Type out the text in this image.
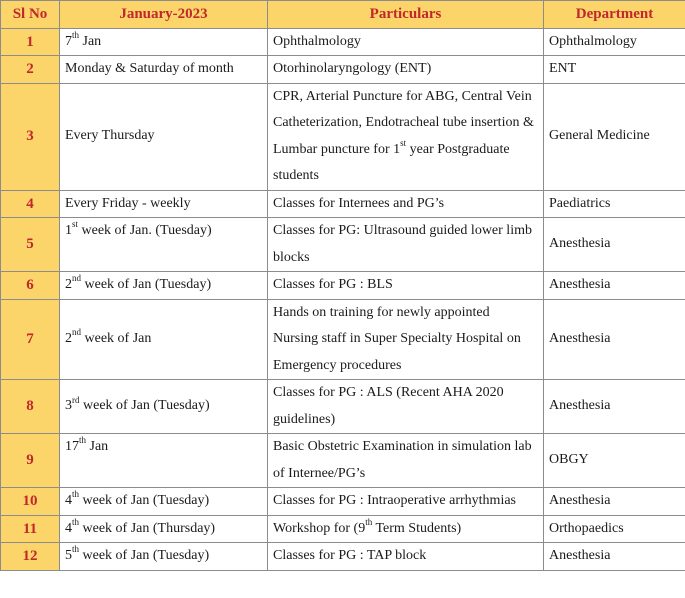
Sl No	January-2023	Particulars	Department
1	7th Jan	Ophthalmology	Ophthalmology
2	Monday & Saturday of month	Otorhinolaryngology (ENT)	ENT
3	Every Thursday	CPR, Arterial Puncture for ABG, Central Vein Catheterization, Endotracheal tube insertion & Lumbar puncture for 1st year Postgraduate students	General Medicine
4	Every Friday - weekly	Classes for Internees and PG’s	Paediatrics
5	1st week of Jan. (Tuesday)	Classes for PG: Ultrasound guided lower limb blocks	Anesthesia
6	2nd week of Jan (Tuesday)	Classes for PG : BLS	Anesthesia
7	2nd week of Jan	Hands on training for newly appointed Nursing staff in Super Specialty Hospital on Emergency procedures	Anesthesia
8	3rd week of Jan (Tuesday)	Classes for PG : ALS (Recent AHA 2020 guidelines)	Anesthesia
9	17th Jan	Basic Obstetric Examination in simulation lab of Internee/PG’s	OBGY
10	4th week of Jan (Tuesday)	Classes for PG : Intraoperative arrhythmias	Anesthesia
11	4th week of Jan (Thursday)	Workshop for (9th Term Students)	Orthopaedics
12	5th week of Jan (Tuesday)	Classes for PG : TAP block	Anesthesia
